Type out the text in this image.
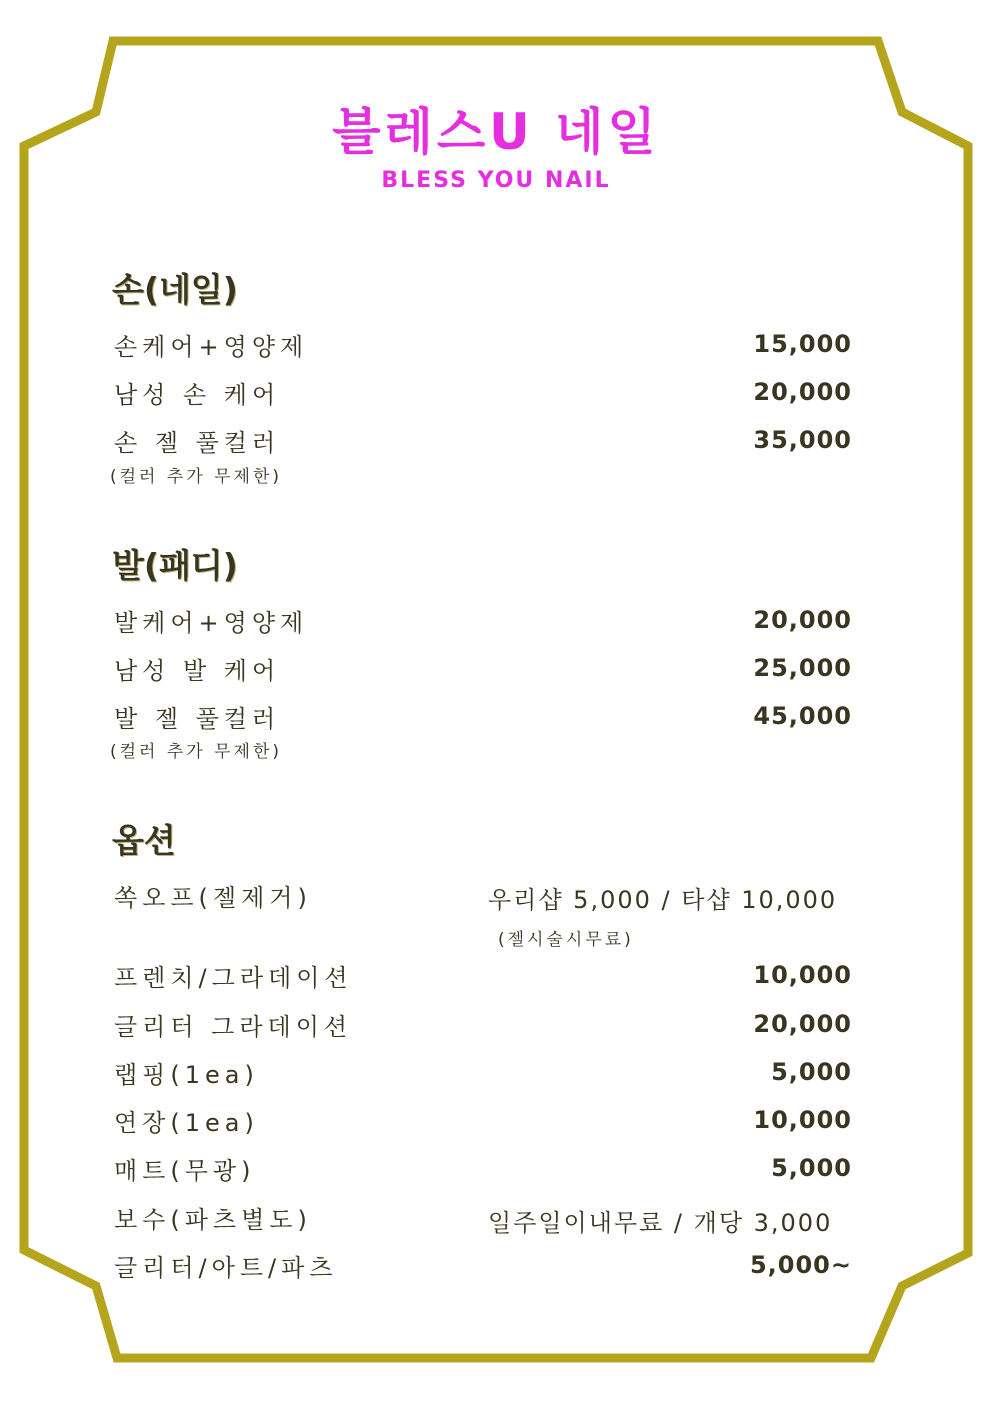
블레스U 네일
BLESS YOU NAIL
손(네일)
손케어+영양제	15,000
남성 손 케어	20,000
손 젤 풀컬러	35,000
(컬러 추가 무제한)
발(패디)
발케어+영양제	20,000
남성 발 케어	25,000
발 젤 풀컬러	45,000
(컬러 추가 무제한)
옵션
쏙오프(젤제거)	우리샵 5,000 / 타샵 10,000
(젤시술시무료)
프렌치/그라데이션	10,000
글리터 그라데이션	20,000
랩핑(1ea)	5,000
연장(1ea)	10,000
매트(무광)	5,000
보수(파츠별도)	일주일이내무료 / 개당 3,000
글리터/아트/파츠	5,000~
